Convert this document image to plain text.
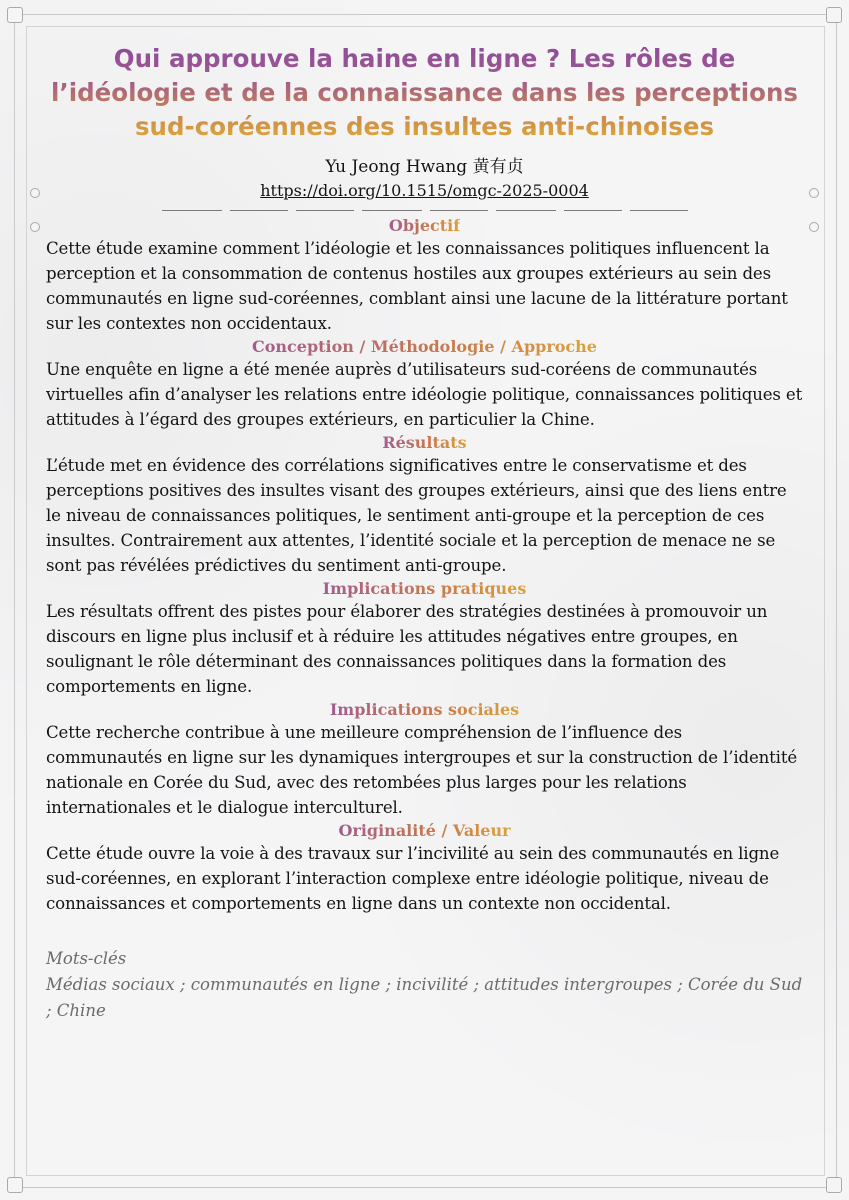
Qui approuve la haine en ligne ? Les rôles de l’idéologie et de la connaissance dans les perceptions sud-coréennes des insultes anti-chinoises
Yu Jeong Hwang 黄有贞
https://doi.org/10.1515/omgc-2025-0004
Objectif

Cette étude examine comment l’idéologie et les connaissances politiques influencent la perception et la consommation de contenus hostiles aux groupes extérieurs au sein des communautés en ligne sud-coréennes, comblant ainsi une lacune de la littérature portant sur les contextes non occidentaux.

Conception / Méthodologie / Approche

Une enquête en ligne a été menée auprès d’utilisateurs sud-coréens de communautés virtuelles afin d’analyser les relations entre idéologie politique, connaissances politiques et attitudes à l’égard des groupes extérieurs, en particulier la Chine.

Résultats

L’étude met en évidence des corrélations significatives entre le conservatisme et des perceptions positives des insultes visant des groupes extérieurs, ainsi que des liens entre le niveau de connaissances politiques, le sentiment anti-groupe et la perception de ces insultes. Contrairement aux attentes, l’identité sociale et la perception de menace ne se sont pas révélées prédictives du sentiment anti-groupe.

Implications pratiques

Les résultats offrent des pistes pour élaborer des stratégies destinées à promouvoir un discours en ligne plus inclusif et à réduire les attitudes négatives entre groupes, en soulignant le rôle déterminant des connaissances politiques dans la formation des comportements en ligne.

Implications sociales

Cette recherche contribue à une meilleure compréhension de l’influence des communautés en ligne sur les dynamiques intergroupes et sur la construction de l’identité nationale en Corée du Sud, avec des retombées plus larges pour les relations internationales et le dialogue interculturel.

Originalité / Valeur

Cette étude ouvre la voie à des travaux sur l’incivilité au sein des communautés en ligne sud-coréennes, en explorant l’interaction complexe entre idéologie politique, niveau de connaissances et comportements en ligne dans un contexte non occidental.

Mots-clés
Médias sociaux ; communautés en ligne ; incivilité ; attitudes intergroupes ; Corée du Sud ; Chine
